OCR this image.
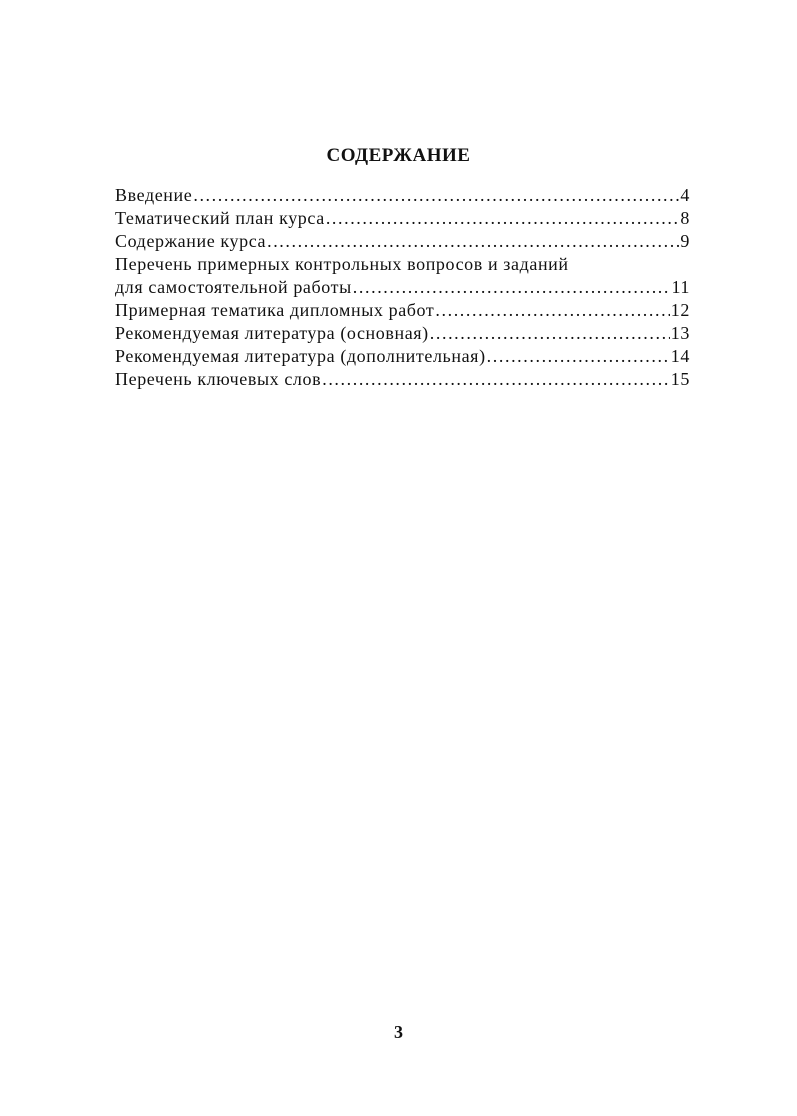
СОДЕРЖАНИЕ
Введение .....	4
Тематический план курса .....	8
Содержание курса .....	9
Перечень примерных контрольных вопросов и заданий
для самостоятельной работы .....	11
Примерная тематика дипломных работ .....	12
Рекомендуемая литература (основная) .....	13
Рекомендуемая литература (дополнительная) .....	14
Перечень ключевых слов .....	15
3
